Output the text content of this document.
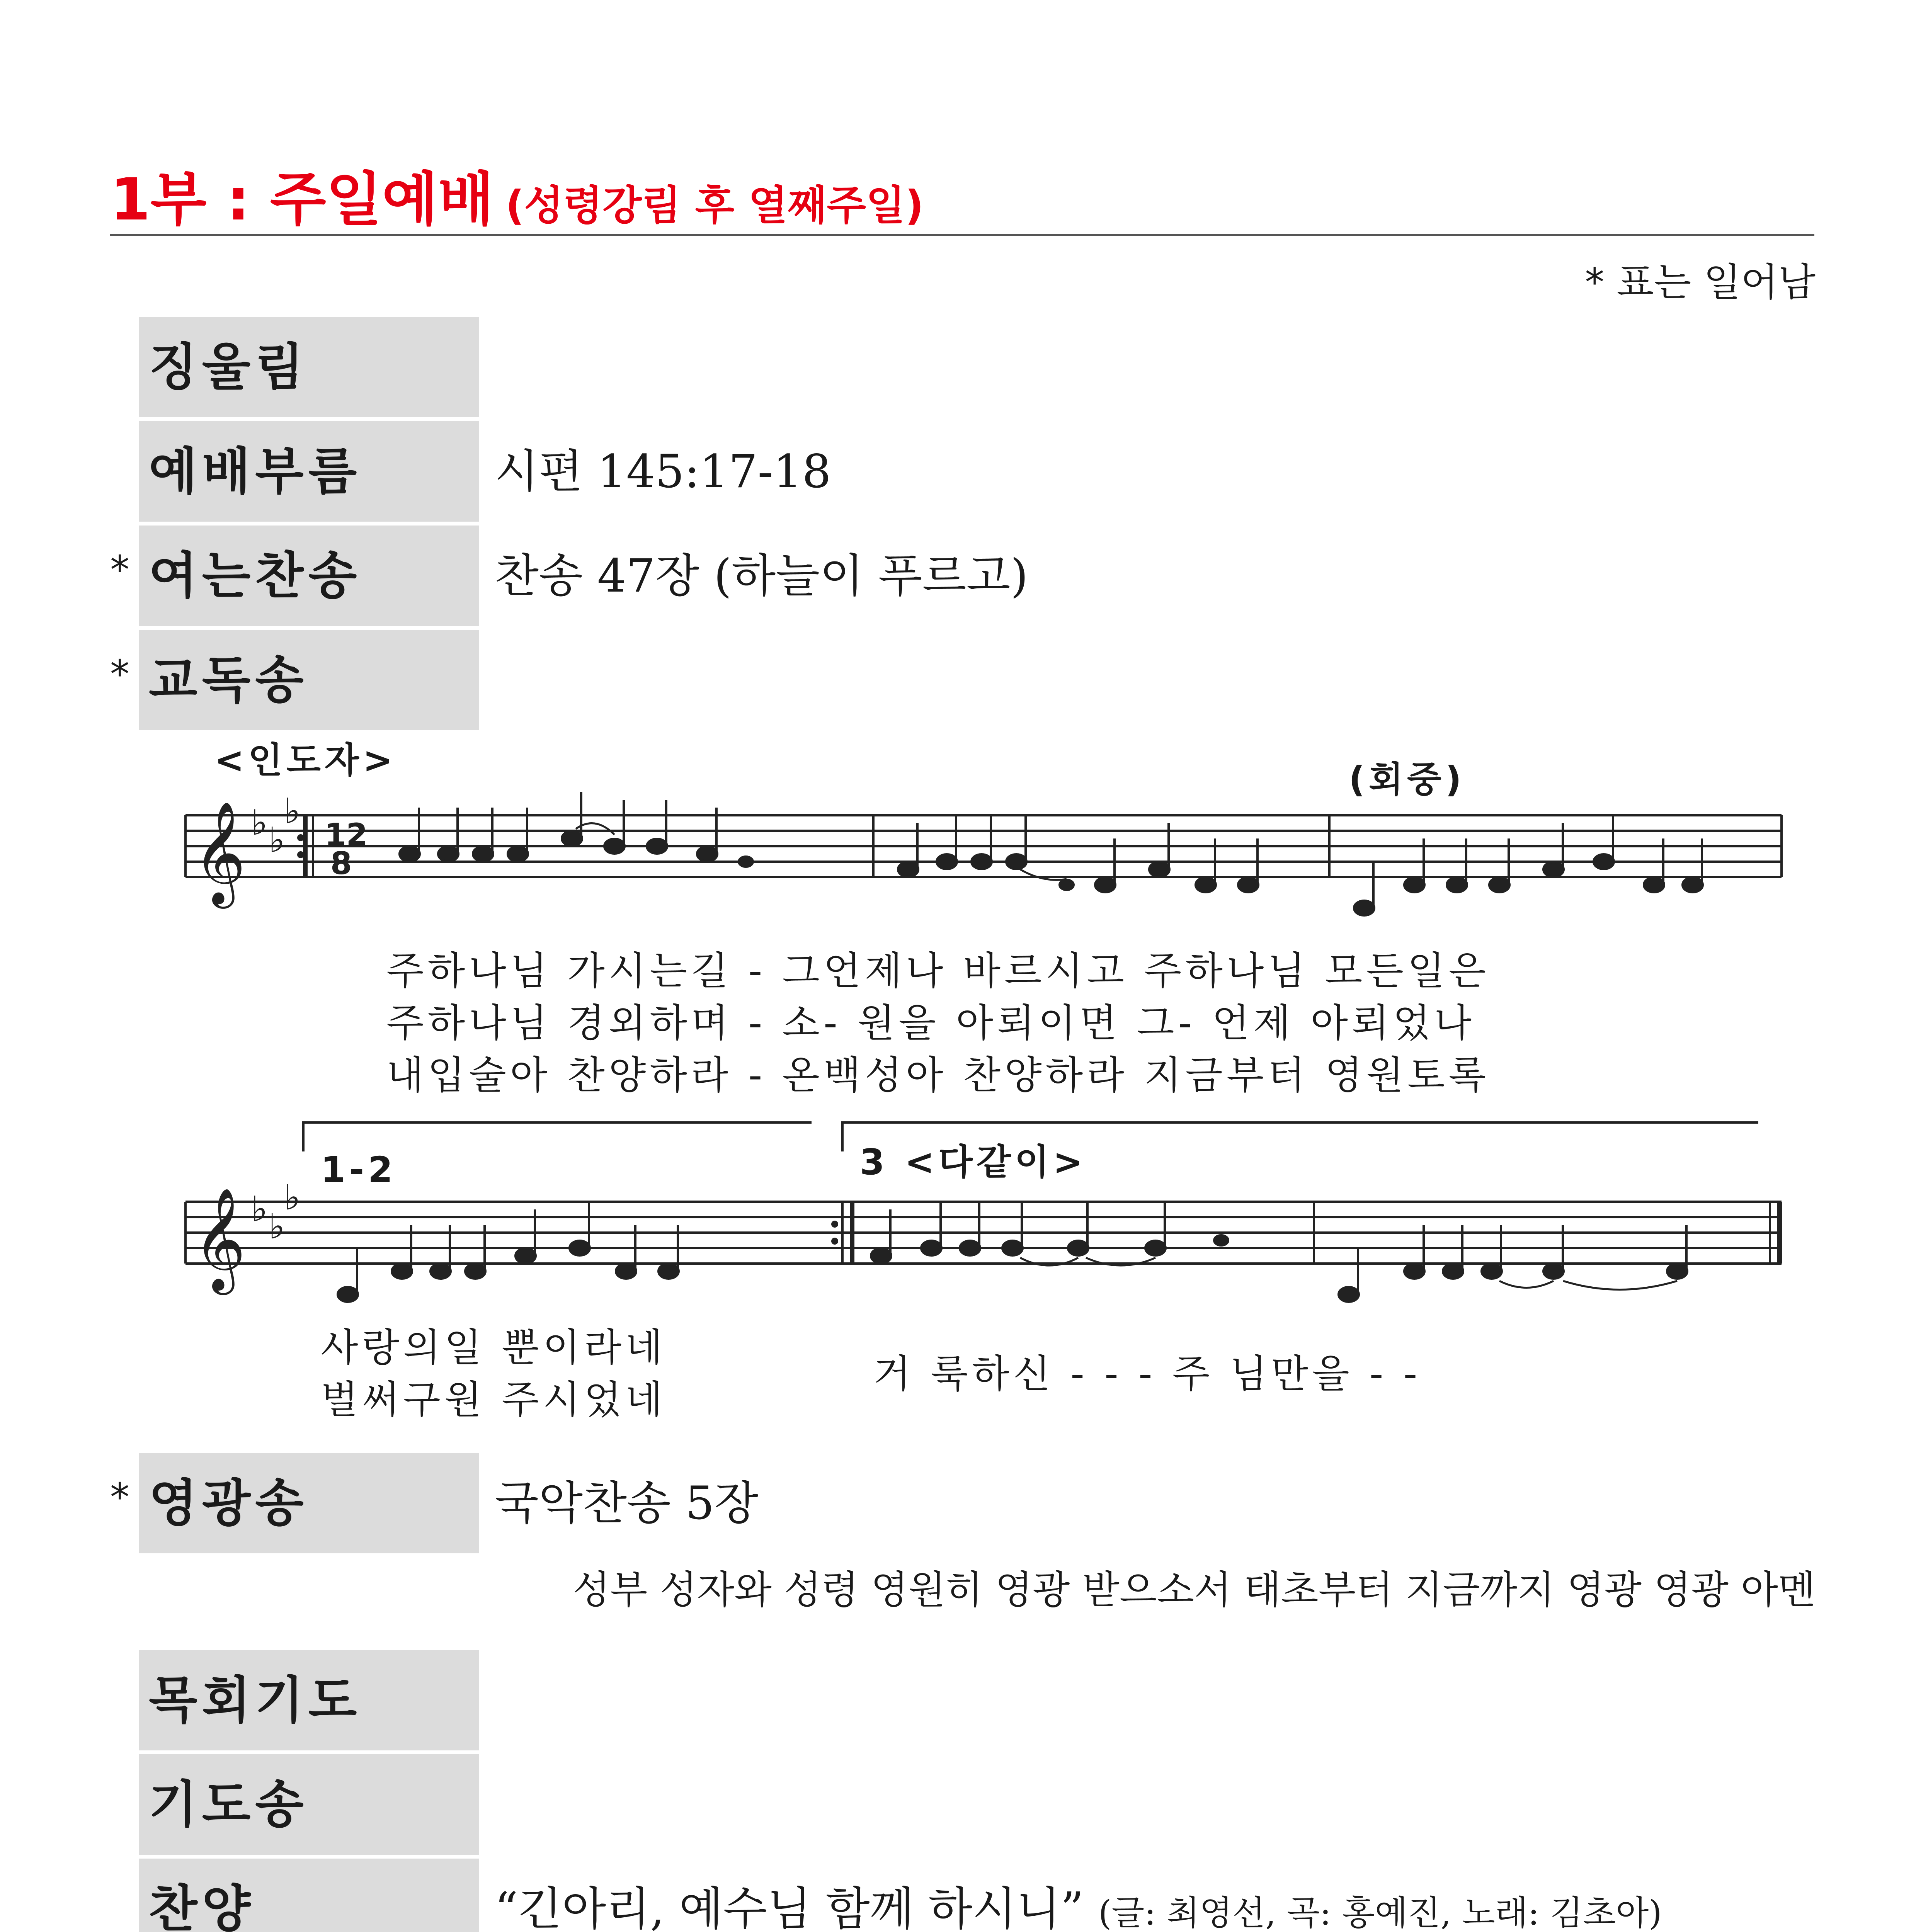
1부 : 주일예배 (성령강림 후 열째주일)
* 표는 일어남
징울림
예배부름	시편 145:17-18
* 여는찬송	찬송 47장 (하늘이 푸르고)
* 교독송
<인도자>	(회중)
𝄞 ♭ ♭
♭
12
8
주하나님 가시는길 - 그언제나 바르시고 주하나님 모든일은
주하나님 경외하며 - 소- 원을 아뢰이면 그- 언제 아뢰었나
내입술아 찬양하라 - 온백성아 찬양하라 지금부터 영원토록
1-2	3 <다같이>
𝄞 ♭ ♭
♭
사랑의일 뿐이라네
벌써구원 주시었네
거 룩하신 - - - 주 님만을 - -
* 영광송	국악찬송 5장
성부 성자와 성령 영원히 영광 받으소서 태초부터 지금까지 영광 영광 아멘
목회기도
기도송
찬양	“긴아리, 예수님 함께 하시니” (글: 최영선, 곡: 홍예진, 노래: 김초아)
